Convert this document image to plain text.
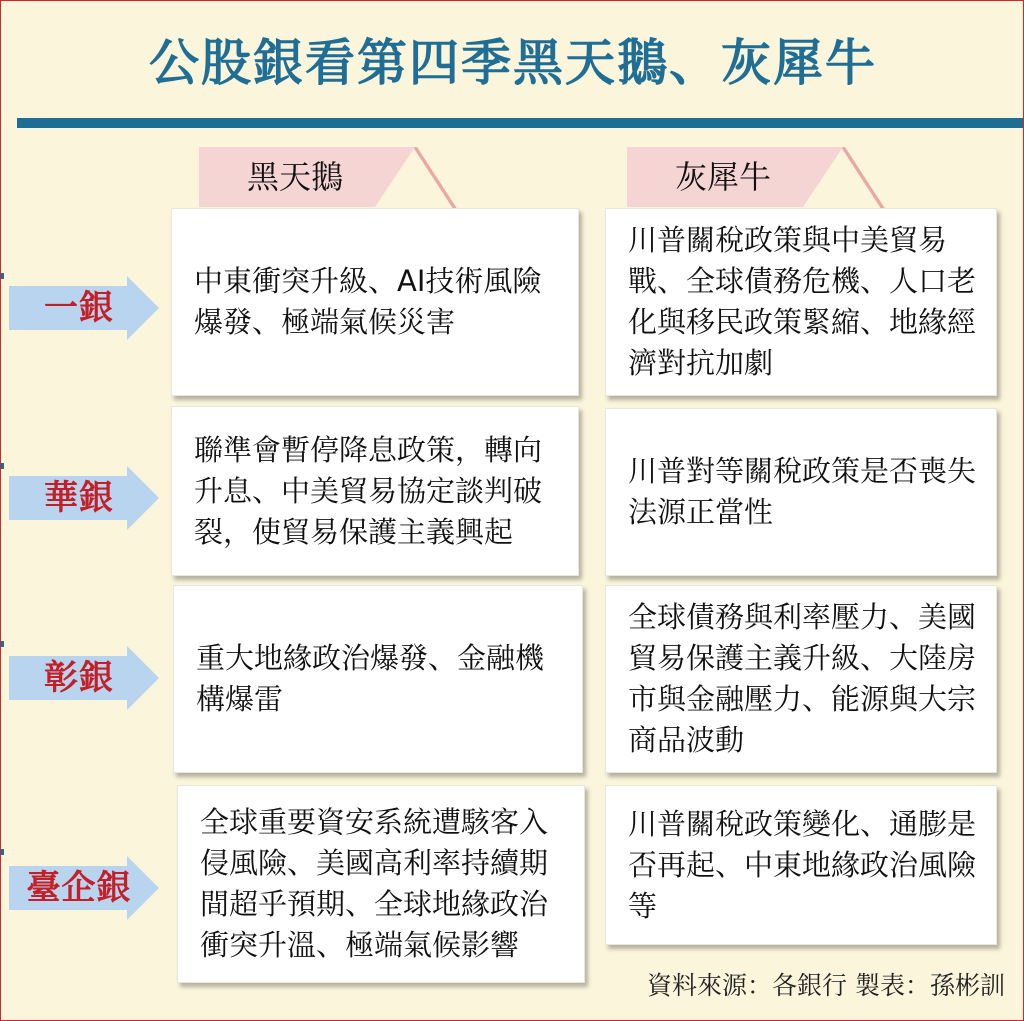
公股銀看第四季黑天鵝、灰犀牛
黑天鵝	灰犀牛
一銀
中東衝突升級、AI技術風險爆發、極端氣候災害
川普關稅政策與中美貿易戰、全球債務危機、人口老化與移民政策緊縮、地緣經濟對抗加劇
華銀
聯準會暫停降息政策，轉向升息、中美貿易協定談判破裂，使貿易保護主義興起
川普對等關稅政策是否喪失法源正當性
彰銀	重大地緣政治爆發、金融機構爆雷
全球債務與利率壓力、美國貿易保護主義升級、大陸房市與金融壓力、能源與大宗商品波動
臺企銀
全球重要資安系統遭駭客入侵風險、美國高利率持續期間超乎預期、全球地緣政治衝突升溫、極端氣候影響
川普關稅政策變化、通膨是否再起、中東地緣政治風險等
資料來源：各銀行 製表：孫彬訓
